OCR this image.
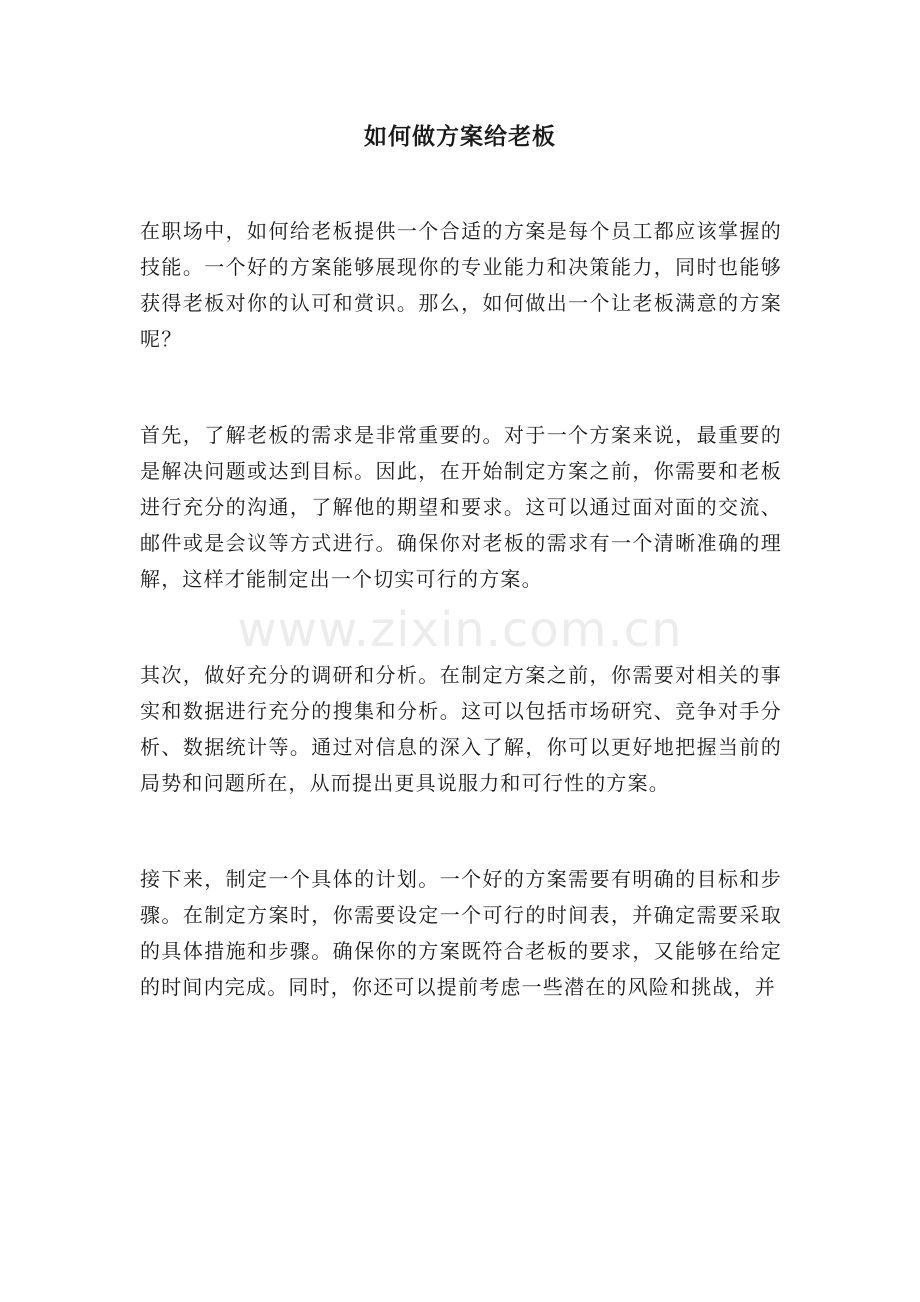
如何做方案给老板

在职场中，如何给老板提供一个合适的方案是每个员工都应该掌握的技能。一个好的方案能够展现你的专业能力和决策能力，同时也能够获得老板对你的认可和赏识。那么，如何做出一个让老板满意的方案呢？

首先，了解老板的需求是非常重要的。对于一个方案来说，最重要的是解决问题或达到目标。因此，在开始制定方案之前，你需要和老板进行充分的沟通，了解他的期望和要求。这可以通过面对面的交流、邮件或是会议等方式进行。确保你对老板的需求有一个清晰准确的理解，这样才能制定出一个切实可行的方案。

其次，做好充分的调研和分析。在制定方案之前，你需要对相关的事实和数据进行充分的搜集和分析。这可以包括市场研究、竞争对手分析、数据统计等。通过对信息的深入了解，你可以更好地把握当前的局势和问题所在，从而提出更具说服力和可行性的方案。

接下来，制定一个具体的计划。一个好的方案需要有明确的目标和步骤。在制定方案时，你需要设定一个可行的时间表，并确定需要采取的具体措施和步骤。确保你的方案既符合老板的要求，又能够在给定的时间内完成。同时，你还可以提前考虑一些潜在的风险和挑战，并

www.zixin.com.cn
